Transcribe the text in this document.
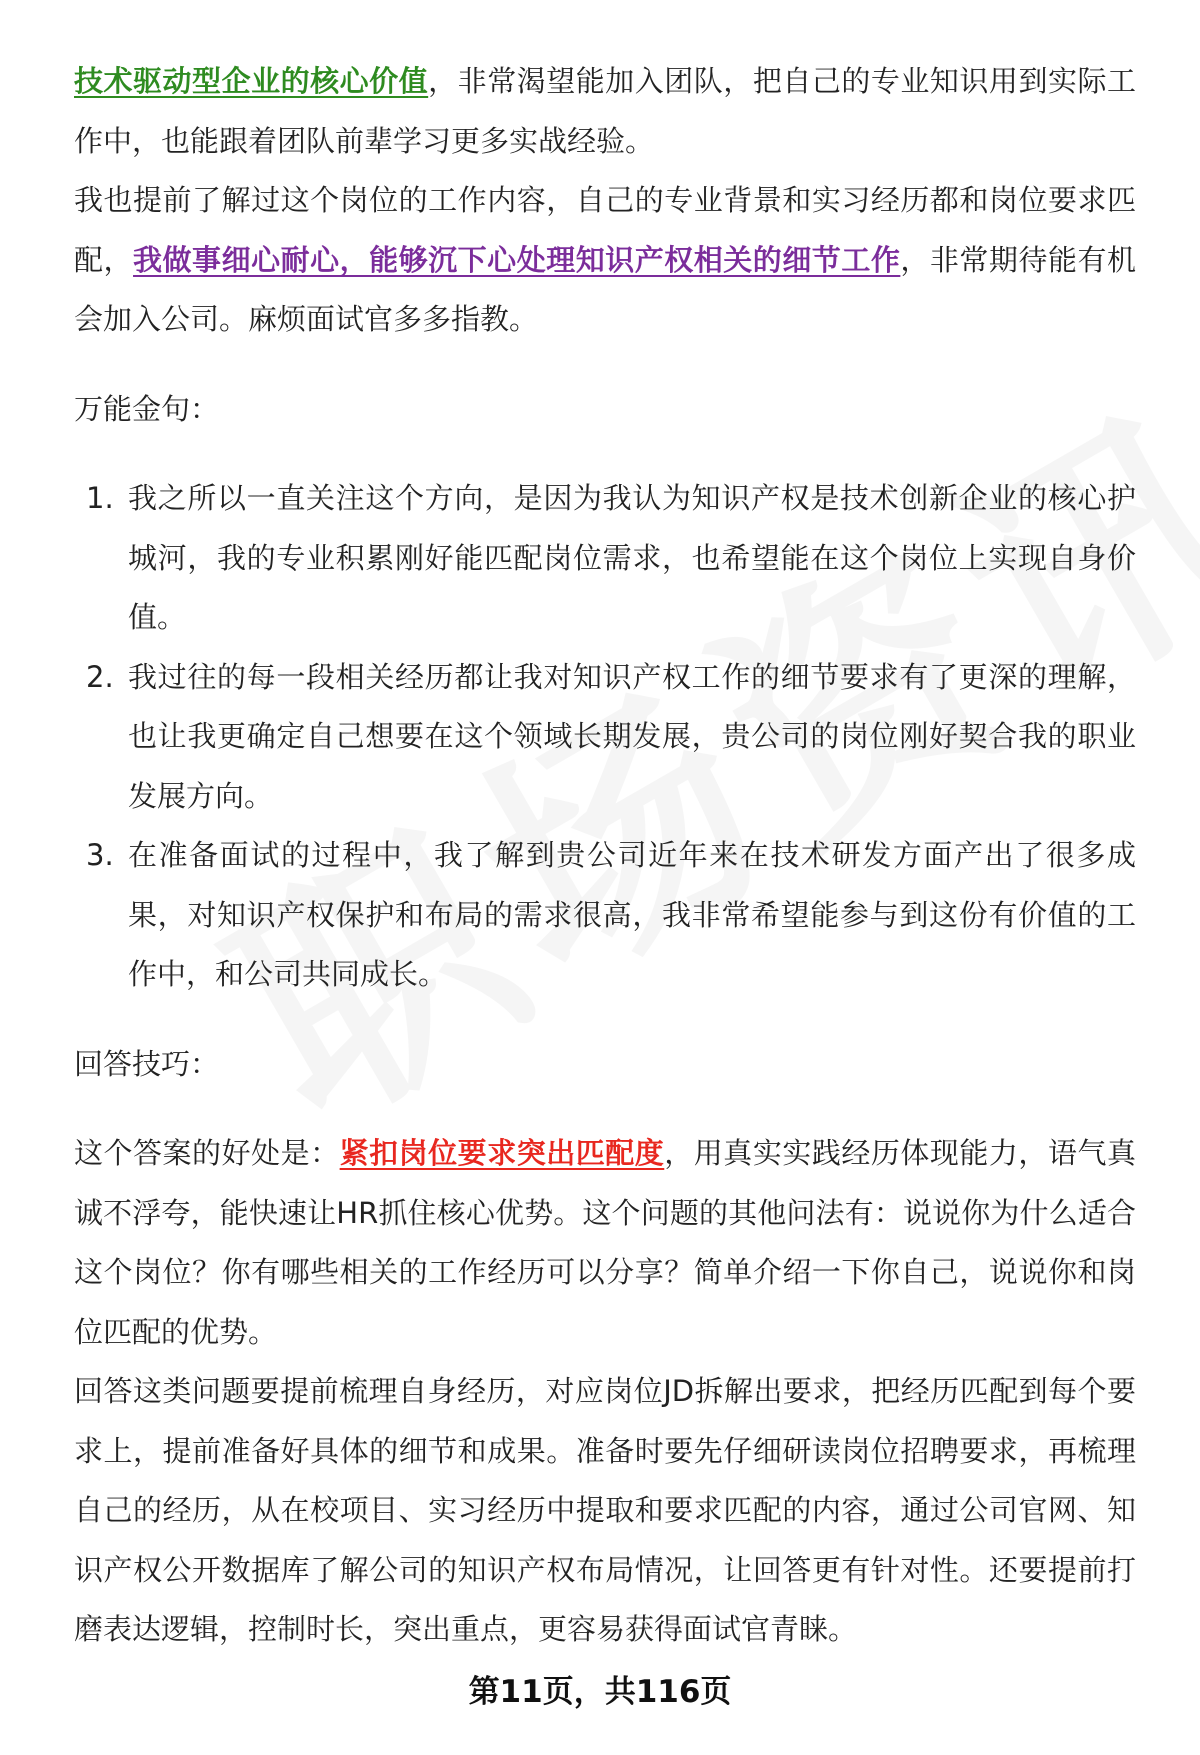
技术驱动型企业的核心价值，非常渴望能加入团队，把自己的专业知识用到实际工作中，也能跟着团队前辈学习更多实战经验。

我也提前了解过这个岗位的工作内容，自己的专业背景和实习经历都和岗位要求匹配，我做事细心耐心，能够沉下心处理知识产权相关的细节工作，非常期待能有机会加入公司。麻烦面试官多多指教。

万能金句：

1. 我之所以一直关注这个方向，是因为我认为知识产权是技术创新企业的核心护城河，我的专业积累刚好能匹配岗位需求，也希望能在这个岗位上实现自身价值。
2. 我过往的每一段相关经历都让我对知识产权工作的细节要求有了更深的理解，也让我更确定自己想要在这个领域长期发展，贵公司的岗位刚好契合我的职业发展方向。
3. 在准备面试的过程中，我了解到贵公司近年来在技术研发方面产出了很多成果，对知识产权保护和布局的需求很高，我非常希望能参与到这份有价值的工作中，和公司共同成长。

回答技巧：

这个答案的好处是：紧扣岗位要求突出匹配度，用真实实践经历体现能力，语气真诚不浮夸，能快速让HR抓住核心优势。这个问题的其他问法有：说说你为什么适合这个岗位？你有哪些相关的工作经历可以分享？简单介绍一下你自己，说说你和岗位匹配的优势。

回答这类问题要提前梳理自身经历，对应岗位JD拆解出要求，把经历匹配到每个要求上，提前准备好具体的细节和成果。准备时要先仔细研读岗位招聘要求，再梳理自己的经历，从在校项目、实习经历中提取和要求匹配的内容，通过公司官网、知识产权公开数据库了解公司的知识产权布局情况，让回答更有针对性。还要提前打磨表达逻辑，控制时长，突出重点，更容易获得面试官青睐。

第11页，共116页
